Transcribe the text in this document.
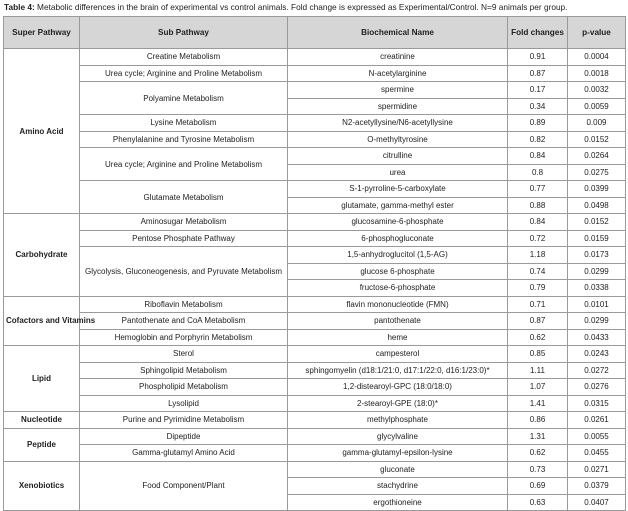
Table 4: Metabolic differences in the brain of experimental vs control animals. Fold change is expressed as Experimental/Control. N=9 animals per group.
Super Pathway	Sub Pathway	Biochemical Name	Fold changes	p-value
Amino Acid	Creatine Metabolism	creatinine	0.91	0.0004
	Urea cycle; Arginine and Proline Metabolism	N-acetylarginine	0.87	0.0018
	Polyamine Metabolism	spermine	0.17	0.0032
		spermidine	0.34	0.0059
	Lysine Metabolism	N2-acetyllysine/N6-acetyllysine	0.89	0.009
	Phenylalanine and Tyrosine Metabolism	O-methyltyrosine	0.82	0.0152
	Urea cycle; Arginine and Proline Metabolism	citrulline	0.84	0.0264
		urea	0.8	0.0275
	Glutamate Metabolism	S-1-pyrroline-5-carboxylate	0.77	0.0399
		glutamate, gamma-methyl ester	0.88	0.0498
Carbohydrate	Aminosugar Metabolism	glucosamine-6-phosphate	0.84	0.0152
	Pentose Phosphate Pathway	6-phosphogluconate	0.72	0.0159
	Glycolysis, Gluconeogenesis, and Pyruvate Metabolism	1,5-anhydroglucitol (1,5-AG)	1.18	0.0173
		glucose 6-phosphate	0.74	0.0299
		fructose-6-phosphate	0.79	0.0338
Cofactors and Vitamins	Riboflavin Metabolism	flavin mononucleotide (FMN)	0.71	0.0101
	Pantothenate and CoA Metabolism	pantothenate	0.87	0.0299
	Hemoglobin and Porphyrin Metabolism	heme	0.62	0.0433
Lipid	Sterol	campesterol	0.85	0.0243
	Sphingolipid Metabolism	sphingomyelin (d18:1/21:0, d17:1/22:0, d16:1/23:0)*	1.11	0.0272
	Phospholipid Metabolism	1,2-distearoyl-GPC (18:0/18:0)	1.07	0.0276
	Lysolipid	2-stearoyl-GPE (18:0)*	1.41	0.0315
Nucleotide	Purine and Pyrimidine Metabolism	methylphosphate	0.86	0.0261
Peptide	Dipeptide	glycylvaline	1.31	0.0055
	Gamma-glutamyl Amino Acid	gamma-glutamyl-epsilon-lysine	0.62	0.0455
Xenobiotics	Food Component/Plant	gluconate	0.73	0.0271
		stachydrine	0.69	0.0379
		ergothioneine	0.63	0.0407
